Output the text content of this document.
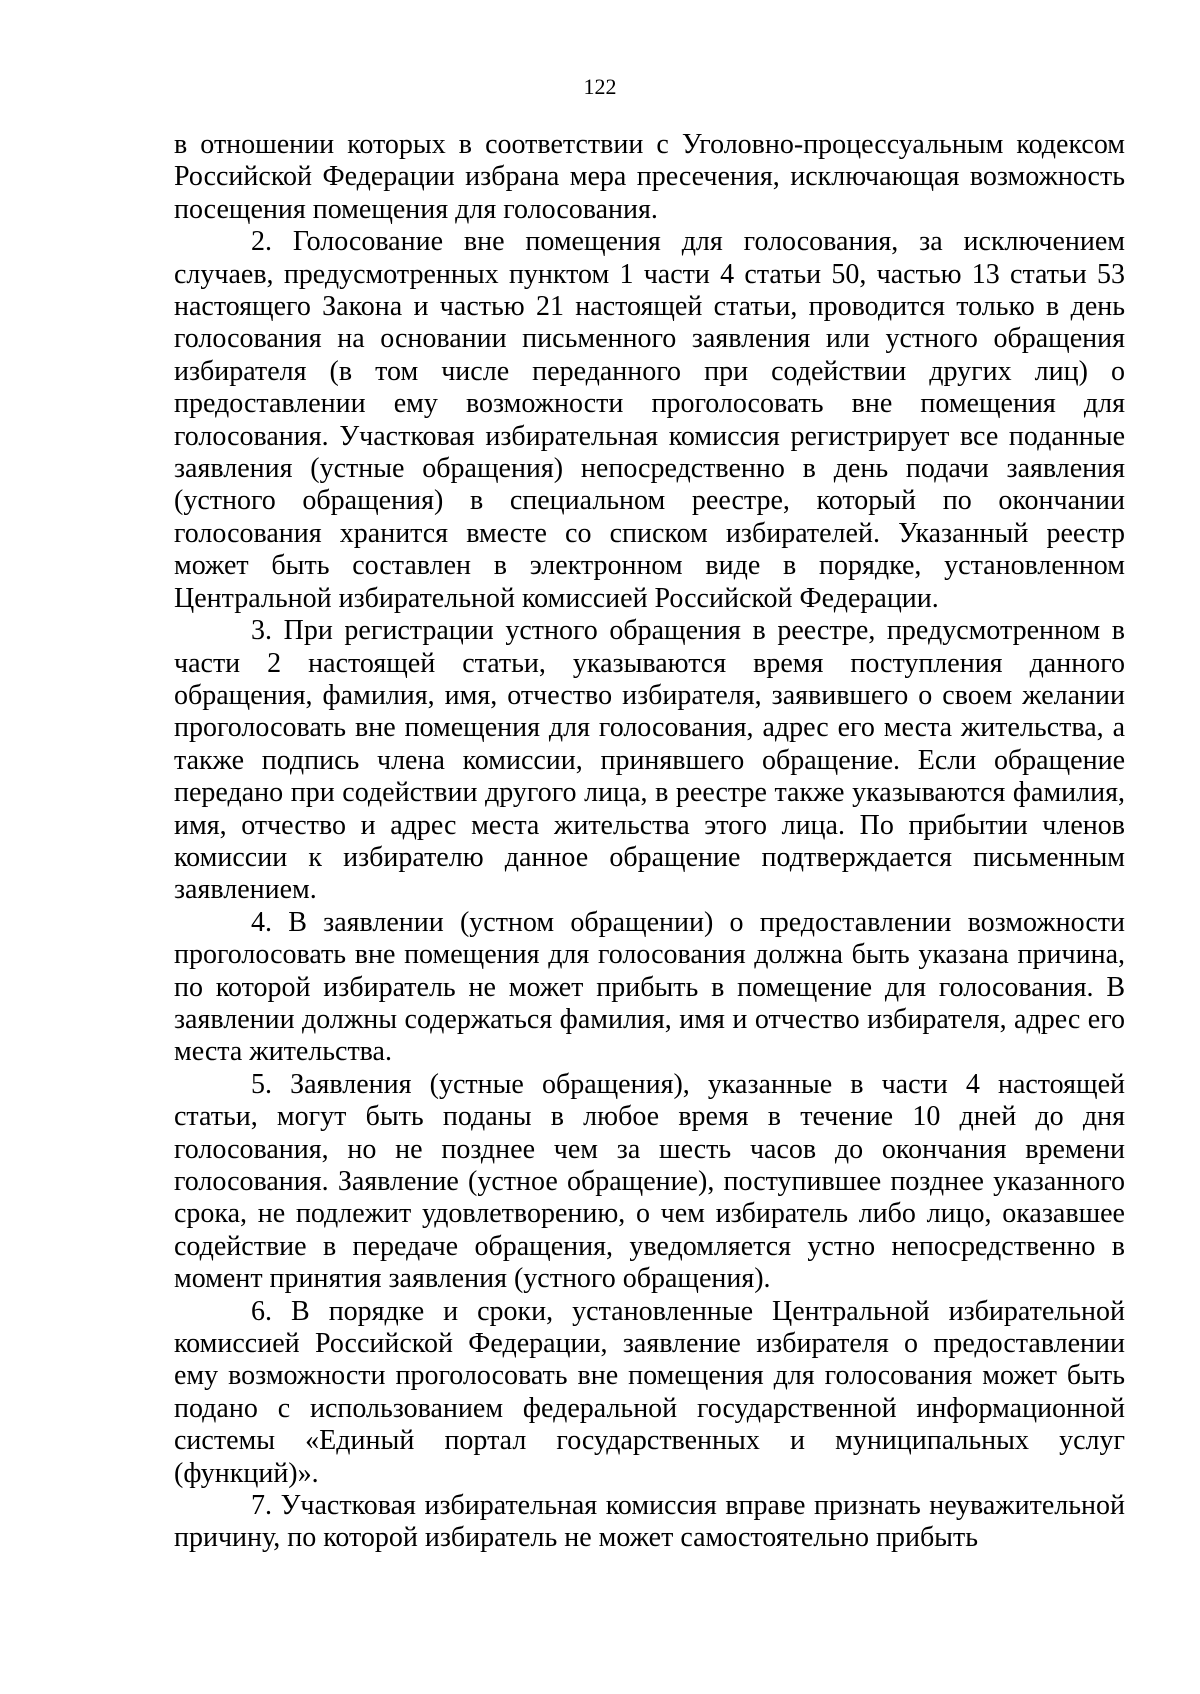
122

в отношении которых в соответствии с Уголовно-процессуальным кодексом Российской Федерации избрана мера пресечения, исключающая возможность посещения помещения для голосования.

2. Голосование вне помещения для голосования, за исключением случаев, предусмотренных пунктом 1 части 4 статьи 50, частью 13 статьи 53 настоящего Закона и частью 21 настоящей статьи, проводится только в день голосования на основании письменного заявления или устного обращения избирателя (в том числе переданного при содействии других лиц) о предоставлении ему возможности проголосовать вне помещения для голосования. Участковая избирательная комиссия регистрирует все поданные заявления (устные обращения) непосредственно в день подачи заявления (устного обращения) в специальном реестре, который по окончании голосования хранится вместе со списком избирателей. Указанный реестр может быть составлен в электронном виде в порядке, установленном Центральной избирательной комиссией Российской Федерации.

3. При регистрации устного обращения в реестре, предусмотренном в части 2 настоящей статьи, указываются время поступления данного обращения, фамилия, имя, отчество избирателя, заявившего о своем желании проголосовать вне помещения для голосования, адрес его места жительства, а также подпись члена комиссии, принявшего обращение. Если обращение передано при содействии другого лица, в реестре также указываются фамилия, имя, отчество и адрес места жительства этого лица. По прибытии членов комиссии к избирателю данное обращение подтверждается письменным заявлением.

4. В заявлении (устном обращении) о предоставлении возможности проголосовать вне помещения для голосования должна быть указана причина, по которой избиратель не может прибыть в помещение для голосования. В заявлении должны содержаться фамилия, имя и отчество избирателя, адрес его места жительства.

5. Заявления (устные обращения), указанные в части 4 настоящей статьи, могут быть поданы в любое время в течение 10 дней до дня голосования, но не позднее чем за шесть часов до окончания времени голосования. Заявление (устное обращение), поступившее позднее указанного срока, не подлежит удовлетворению, о чем избиратель либо лицо, оказавшее содействие в передаче обращения, уведомляется устно непосредственно в момент принятия заявления (устного обращения).

6. В порядке и сроки, установленные Центральной избирательной комиссией Российской Федерации, заявление избирателя о предоставлении ему возможности проголосовать вне помещения для голосования может быть подано с использованием федеральной государственной информационной системы «Единый портал государственных и муниципальных услуг (функций)».

7. Участковая избирательная комиссия вправе признать неуважительной причину, по которой избиратель не может самостоятельно прибыть
